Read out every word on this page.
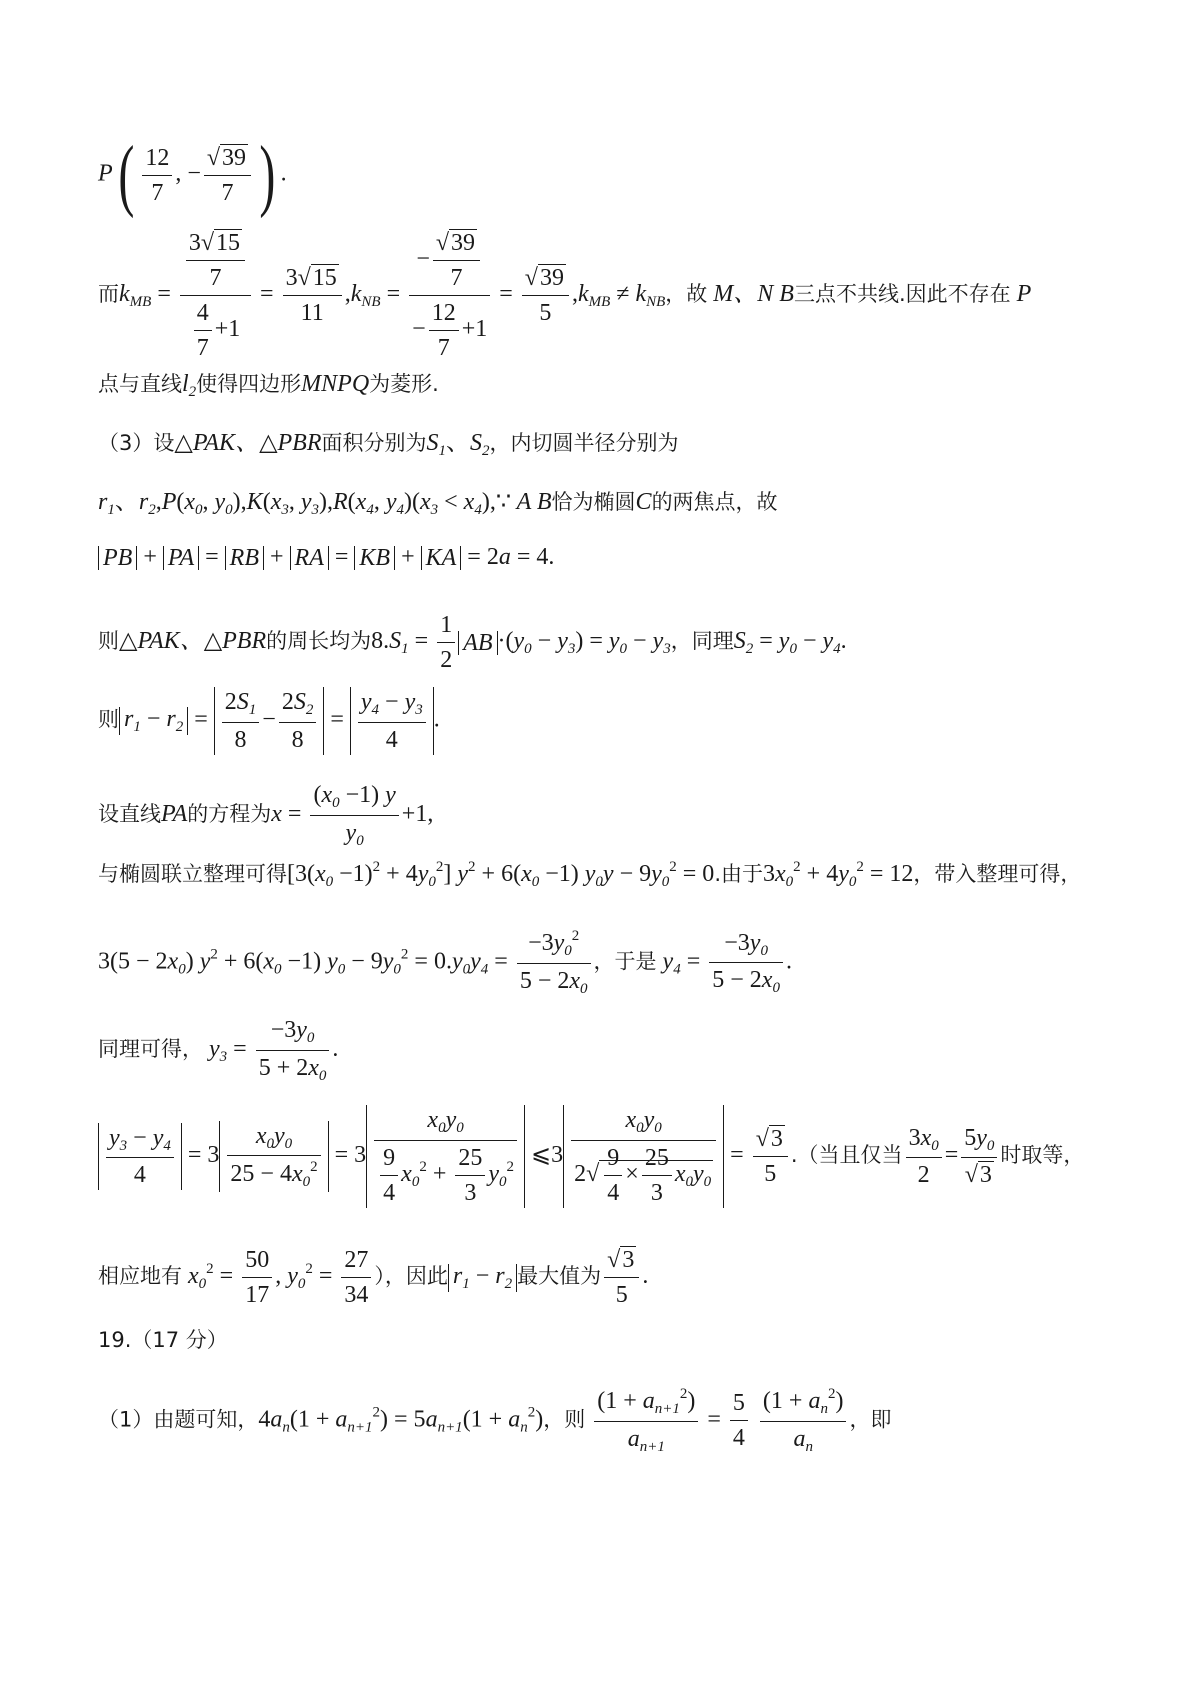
$P( \frac{12}{7}$ , − $\frac{√39}{7}$ ) .
而$k_{MB} = \frac{\frac{3√15}{7}}{\frac{4}{7} +1} = \frac{3√15}{11} ,k_{NB} = \frac{- \frac{√39}{7}}{- \frac{12}{7} +1} = \frac{√39}{5} ,k_{MB} \ne k_{NB}$，故 M、N B三点不共线.因此不存在 P
点与直线$l_2$使得四边形MNPQ为菱形.
（3）设△PAK、△PBR面积分别为$S_1$、$S_2$，内切圆半径分别为
$r_1$、$r_2,P(x_0$, $y_0),K(x_3$, $y_3),R(x_4$, $y_4)(x_3$ < $x_4),\because$ A B恰为椭圆C的两焦点，故
PB + PA = RB + RA = KB + KA = 2a = 4.
则△PAK、△PBR的周长均为$8.S_1 = \frac{1}{2}$ AB $\cdot(y_0 - y_3) = y_0 - y_3$，同理$S_2 = y_0 - y_4$.
则 $r_1 - r_2 = \frac{2S_1}{8} - \frac{2S_2}{8} = \frac{y_4 - y_3}{4}$ .
设直线PA的方程为$x = \frac{(x_0 -1) y}{y_0} +1$,
与椭圆联立整理可得$[3(x_0 -1)^2 + 4y_0^2] y^2 + 6(x_0 -1) y_0y - 9y_0^2 = 0$.由于$3x_0^2 + 4y_0^2 = 12$，带入整理可得，
$3(5 - 2x_0)$ $y^2 + 6(x_0 -1) y_0 - 9y_0^2 = 0.y_0y_4 = \frac{-3y_0^2}{5 - 2x_0}$ ，于是 $y_4 = \frac{-3y_0}{5 - 2x_0}$ .
同理可得， $y_3 = \frac{-3y_0}{5 + 2x_0}$ .
$\frac{y_3 - y_4}{4} = 3 \frac{x_0y_0}{25 - 4x_0^2} = 3 \frac{x_0y_0}{\frac{9}{4} x_0^2 + \frac{25}{3} y_0^2}$ ⩽3 $\frac{x_0y_0}{2√ \frac{9}{4} \times \frac{25}{3} x_0y_0} = \frac{√3}{5}$ .（当且仅当 $\frac{3x_0}{2} = \frac{5y_0}{√3}$ 时取等，
相应地有 $x_0^2 = \frac{50}{17}$ , $y_0^2 = \frac{27}{34}$ ），因此 $r_1 - r_2$ 最大值为 $\frac{√3}{5}$ .
19.（17 分）
（1）由题可知，$4a_n(1 + a_{n+1}^2) = 5a_{n+1}(1 + a_n^2)$，则 $\frac{(1 + a_{n+1}^2)}{a_{n+1}} = \frac{5}{4}$
$\frac{(1 + a_n^2)}{a_n}$ ，即
